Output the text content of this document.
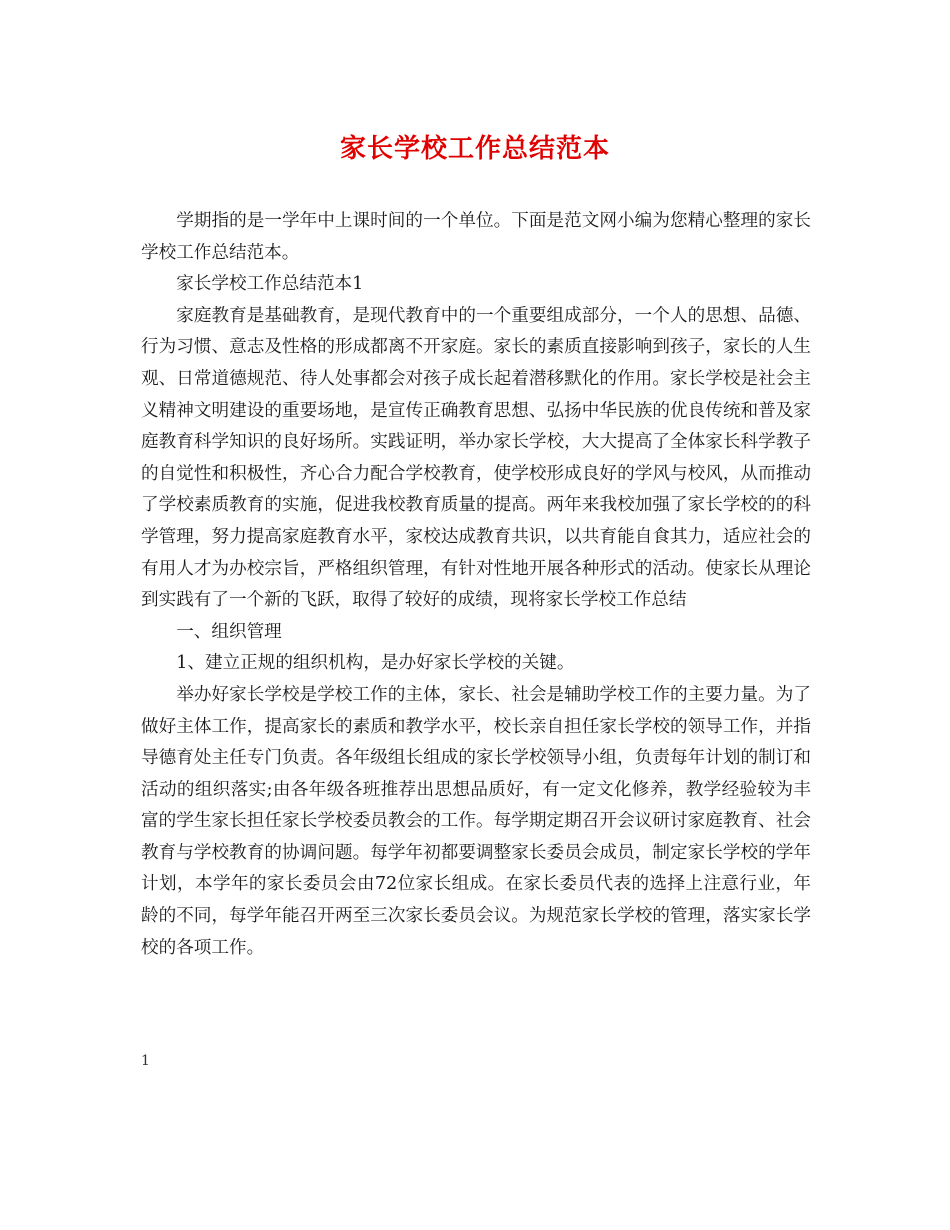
家长学校工作总结范本

学期指的是一学年中上课时间的一个单位。下面是范文网小编为您精心整理的家长学校工作总结范本。

家长学校工作总结范本1

家庭教育是基础教育，是现代教育中的一个重要组成部分，一个人的思想、品德、行为习惯、意志及性格的形成都离不开家庭。家长的素质直接影响到孩子，家长的人生观、日常道德规范、待人处事都会对孩子成长起着潜移默化的作用。家长学校是社会主义精神文明建设的重要场地，是宣传正确教育思想、弘扬中华民族的优良传统和普及家庭教育科学知识的良好场所。实践证明，举办家长学校，大大提高了全体家长科学教子的自觉性和积极性，齐心合力配合学校教育，使学校形成良好的学风与校风，从而推动了学校素质教育的实施，促进我校教育质量的提高。两年来我校加强了家长学校的的科学管理，努力提高家庭教育水平，家校达成教育共识，以共育能自食其力，适应社会的有用人才为办校宗旨，严格组织管理，有针对性地开展各种形式的活动。使家长从理论到实践有了一个新的飞跃，取得了较好的成绩，现将家长学校工作总结

一、组织管理

1、建立正规的组织机构，是办好家长学校的关键。

举办好家长学校是学校工作的主体，家长、社会是辅助学校工作的主要力量。为了做好主体工作，提高家长的素质和教学水平，校长亲自担任家长学校的领导工作，并指导德育处主任专门负责。各年级组长组成的家长学校领导小组，负责每年计划的制订和活动的组织落实;由各年级各班推荐出思想品质好，有一定文化修养，教学经验较为丰富的学生家长担任家长学校委员教会的工作。每学期定期召开会议研讨家庭教育、社会教育与学校教育的协调问题。每学年初都要调整家长委员会成员，制定家长学校的学年计划，本学年的家长委员会由72位家长组成。在家长委员代表的选择上注意行业，年龄的不同，每学年能召开两至三次家长委员会议。为规范家长学校的管理，落实家长学校的各项工作。

1
